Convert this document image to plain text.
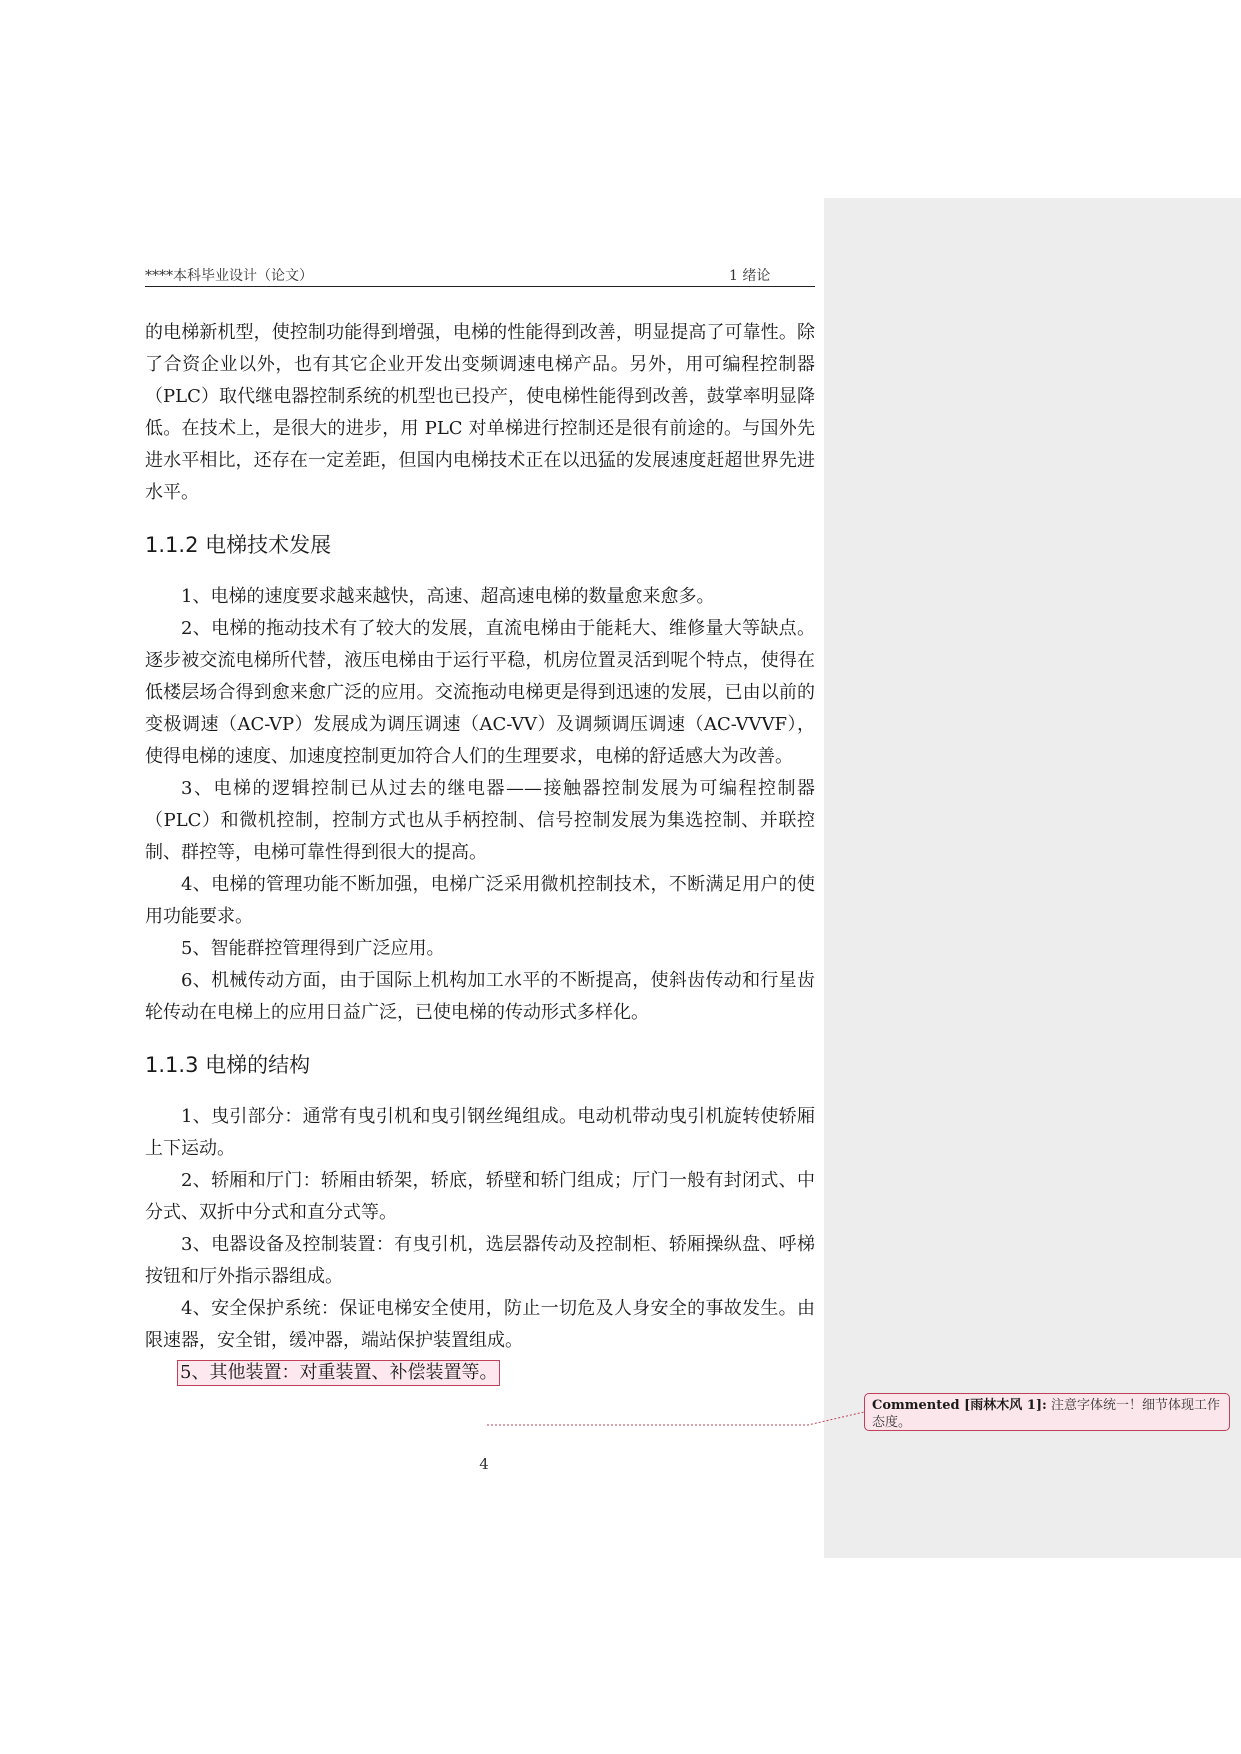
****本科毕业设计（论文）	1 绪论

的电梯新机型，使控制功能得到增强，电梯的性能得到改善，明显提高了可靠性。除了合资企业以外，也有其它企业开发出变频调速电梯产品。另外，用可编程控制器（PLC）取代继电器控制系统的机型也已投产，使电梯性能得到改善，鼓掌率明显降低。在技术上，是很大的进步，用 PLC 对单梯进行控制还是很有前途的。与国外先进水平相比，还存在一定差距，但国内电梯技术正在以迅猛的发展速度赶超世界先进水平。

1.1.2 电梯技术发展

1、电梯的速度要求越来越快，高速、超高速电梯的数量愈来愈多。

2、电梯的拖动技术有了较大的发展，直流电梯由于能耗大、维修量大等缺点。逐步被交流电梯所代替，液压电梯由于运行平稳，机房位置灵活到呢个特点，使得在低楼层场合得到愈来愈广泛的应用。交流拖动电梯更是得到迅速的发展，已由以前的变极调速（AC-VP）发展成为调压调速（AC-VV）及调频调压调速（AC-VVVF），使得电梯的速度、加速度控制更加符合人们的生理要求，电梯的舒适感大为改善。

3、电梯的逻辑控制已从过去的继电器——接触器控制发展为可编程控制器（PLC）和微机控制，控制方式也从手柄控制、信号控制发展为集选控制、并联控制、群控等，电梯可靠性得到很大的提高。

4、电梯的管理功能不断加强，电梯广泛采用微机控制技术，不断满足用户的使用功能要求。

5、智能群控管理得到广泛应用。

6、机械传动方面，由于国际上机构加工水平的不断提高，使斜齿传动和行星齿轮传动在电梯上的应用日益广泛，已使电梯的传动形式多样化。

1.1.3 电梯的结构

1、曳引部分：通常有曳引机和曳引钢丝绳组成。电动机带动曳引机旋转使轿厢上下运动。

2、轿厢和厅门：轿厢由轿架，轿底，轿壁和轿门组成；厅门一般有封闭式、中分式、双折中分式和直分式等。

3、电器设备及控制装置：有曳引机，选层器传动及控制柜、轿厢操纵盘、呼梯按钮和厅外指示器组成。

4、安全保护系统：保证电梯安全使用，防止一切危及人身安全的事故发生。由限速器，安全钳，缓冲器，端站保护装置组成。

5、其他装置：对重装置、补偿装置等。

4
Commented [雨林木风 1]: 注意字体统一！细节体现工作态度。
